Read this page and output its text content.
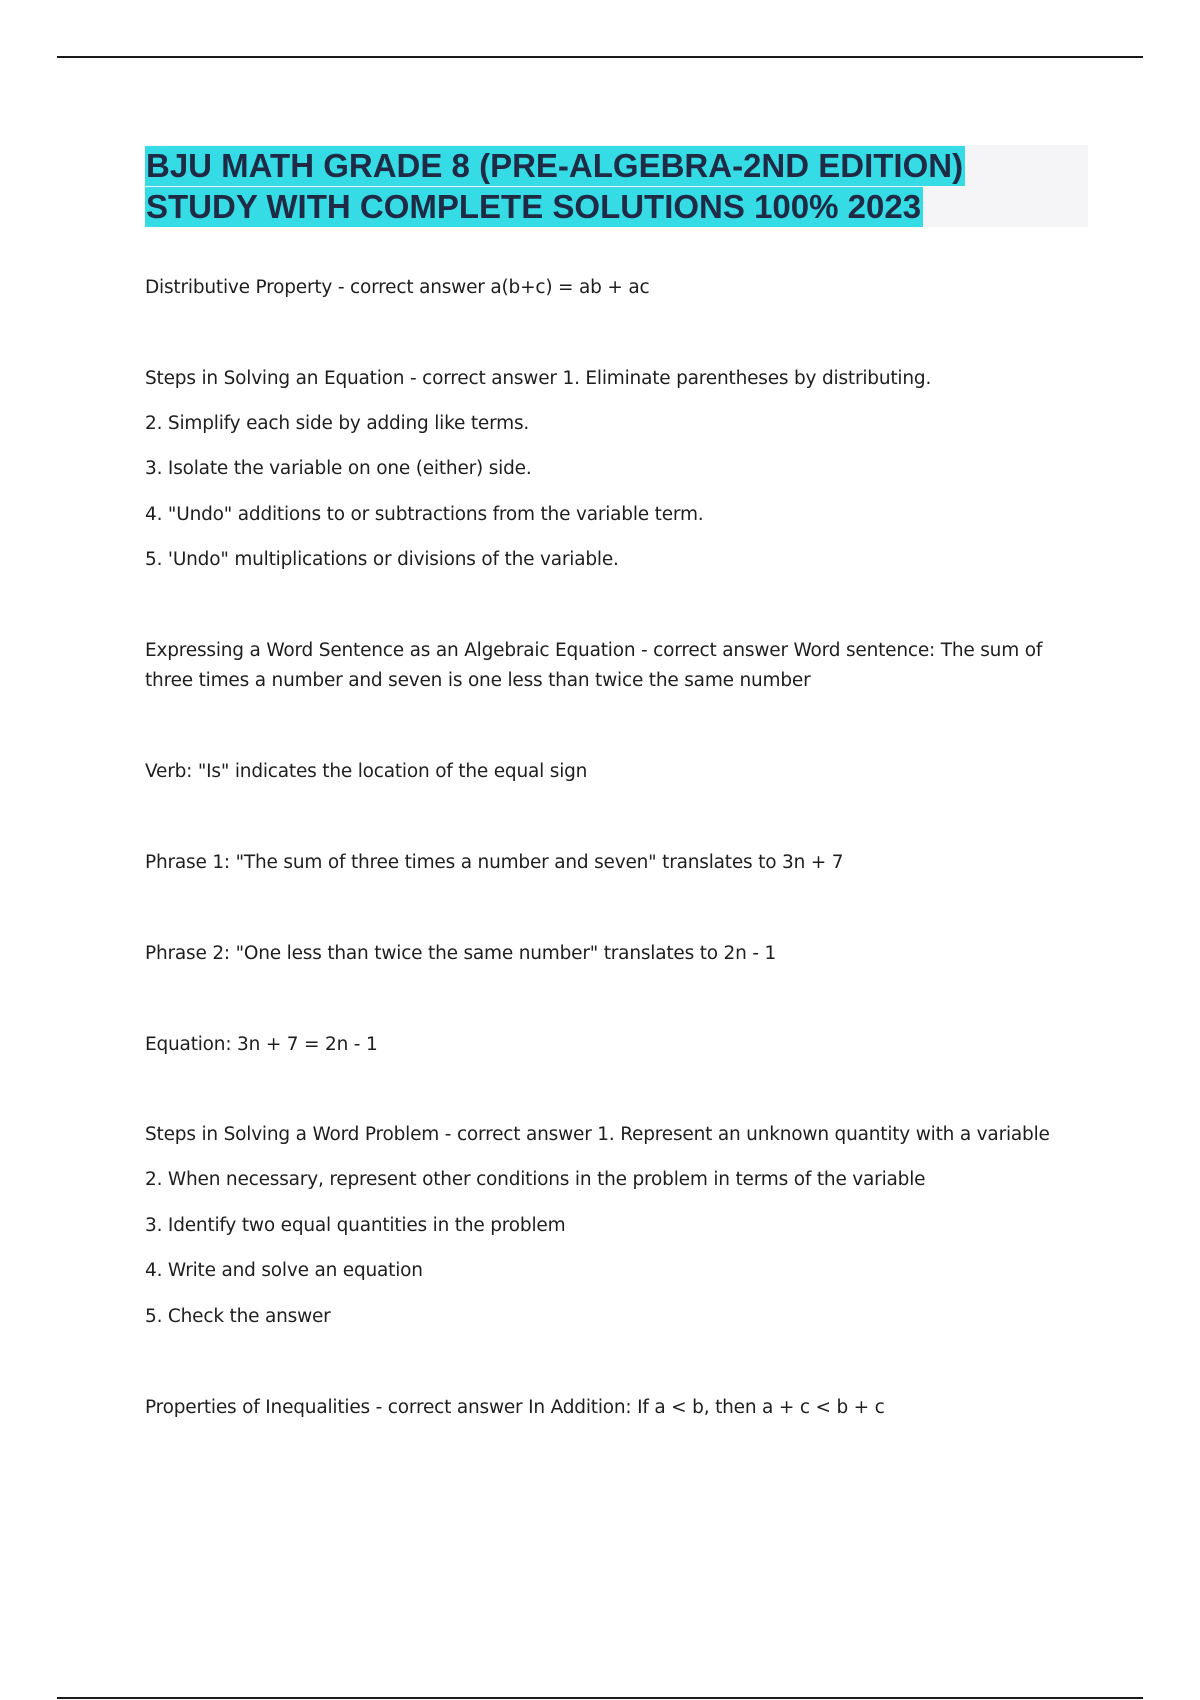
BJU MATH GRADE 8 (PRE-ALGEBRA-2ND EDITION)
STUDY WITH COMPLETE SOLUTIONS 100% 2023
Distributive Property - correct answer a(b+c) = ab + ac
Steps in Solving an Equation - correct answer 1. Eliminate parentheses by distributing.
2. Simplify each side by adding like terms.
3. Isolate the variable on one (either) side.
4. "Undo" additions to or subtractions from the variable term.
5. 'Undo" multiplications or divisions of the variable.
Expressing a Word Sentence as an Algebraic Equation - correct answer Word sentence: The sum of three times a number and seven is one less than twice the same number
Verb: "Is" indicates the location of the equal sign
Phrase 1: "The sum of three times a number and seven" translates to 3n + 7
Phrase 2: "One less than twice the same number" translates to 2n - 1
Equation: 3n + 7 = 2n - 1
Steps in Solving a Word Problem - correct answer 1. Represent an unknown quantity with a variable
2. When necessary, represent other conditions in the problem in terms of the variable
3. Identify two equal quantities in the problem
4. Write and solve an equation
5. Check the answer
Properties of Inequalities - correct answer In Addition: If a < b, then a + c < b + c
